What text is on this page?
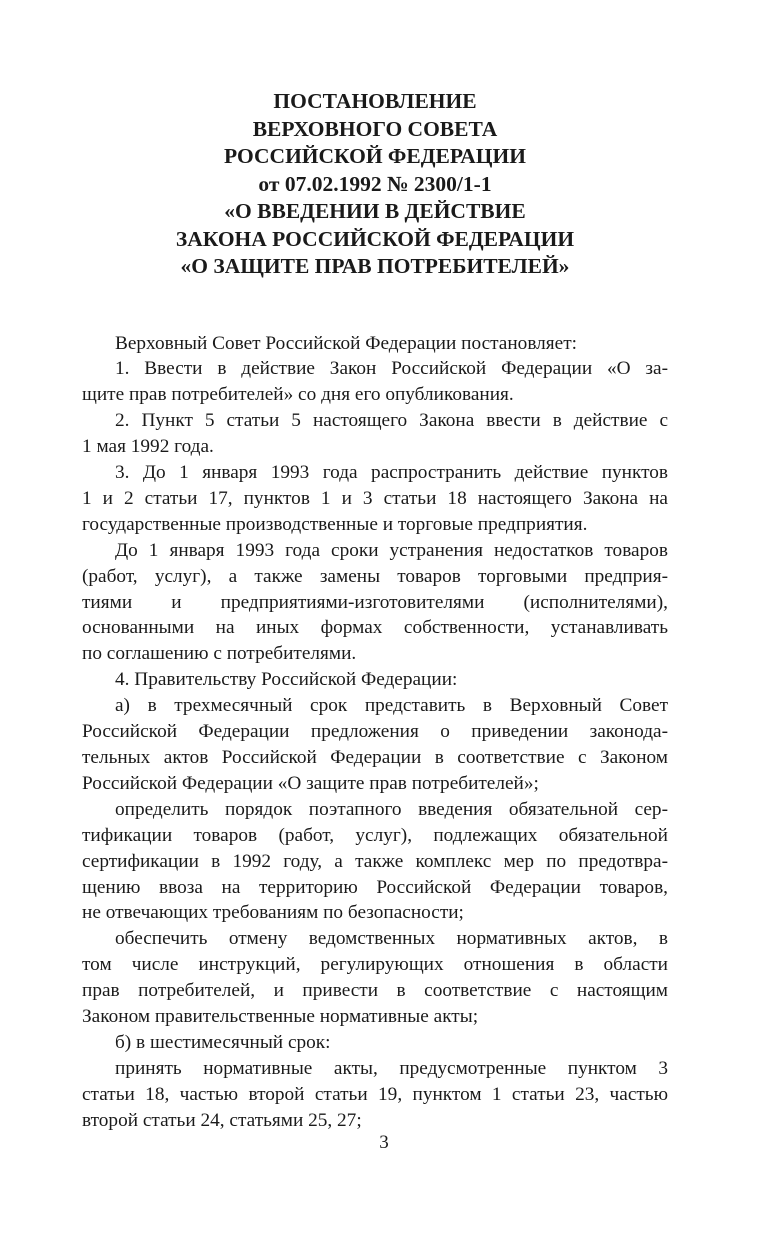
ПОСТАНОВЛЕНИЕ
ВЕРХОВНОГО СОВЕТА
РОССИЙСКОЙ ФЕДЕРАЦИИ
от 07.02.1992 № 2300/1-1
«О ВВЕДЕНИИ В ДЕЙСТВИЕ
ЗАКОНА РОССИЙСКОЙ ФЕДЕРАЦИИ
«О ЗАЩИТЕ ПРАВ ПОТРЕБИТЕЛЕЙ»

Верховный Совет Российской Федерации постановляет:

1. Ввести в действие Закон Российской Федерации «О за-
щите прав потребителей» со дня его опубликования.

2. Пункт 5 статьи 5 настоящего Закона ввести в действие с
1 мая 1992 года.

3. До 1 января 1993 года распространить действие пунктов
1 и 2 статьи 17, пунктов 1 и 3 статьи 18 настоящего Закона на
государственные производственные и торговые предприятия.

До 1 января 1993 года сроки устранения недостатков товаров
(работ, услуг), а также замены товаров торговыми предприя-
тиями и предприятиями-изготовителями (исполнителями),
основанными на иных формах собственности, устанавливать
по соглашению с потребителями.

4. Правительству Российской Федерации:

а) в трехмесячный срок представить в Верховный Совет
Российской Федерации предложения о приведении законода-
тельных актов Российской Федерации в соответствие с Законом
Российской Федерации «О защите прав потребителей»;

определить порядок поэтапного введения обязательной сер-
тификации товаров (работ, услуг), подлежащих обязательной
сертификации в 1992 году, а также комплекс мер по предотвра-
щению ввоза на территорию Российской Федерации товаров,
не отвечающих требованиям по безопасности;

обеспечить отмену ведомственных нормативных актов, в
том числе инструкций, регулирующих отношения в области
прав потребителей, и привести в соответствие с настоящим
Законом правительственные нормативные акты;

б) в шестимесячный срок:

принять нормативные акты, предусмотренные пунктом 3
статьи 18, частью второй статьи 19, пунктом 1 статьи 23, частью
второй статьи 24, статьями 25, 27;

3
